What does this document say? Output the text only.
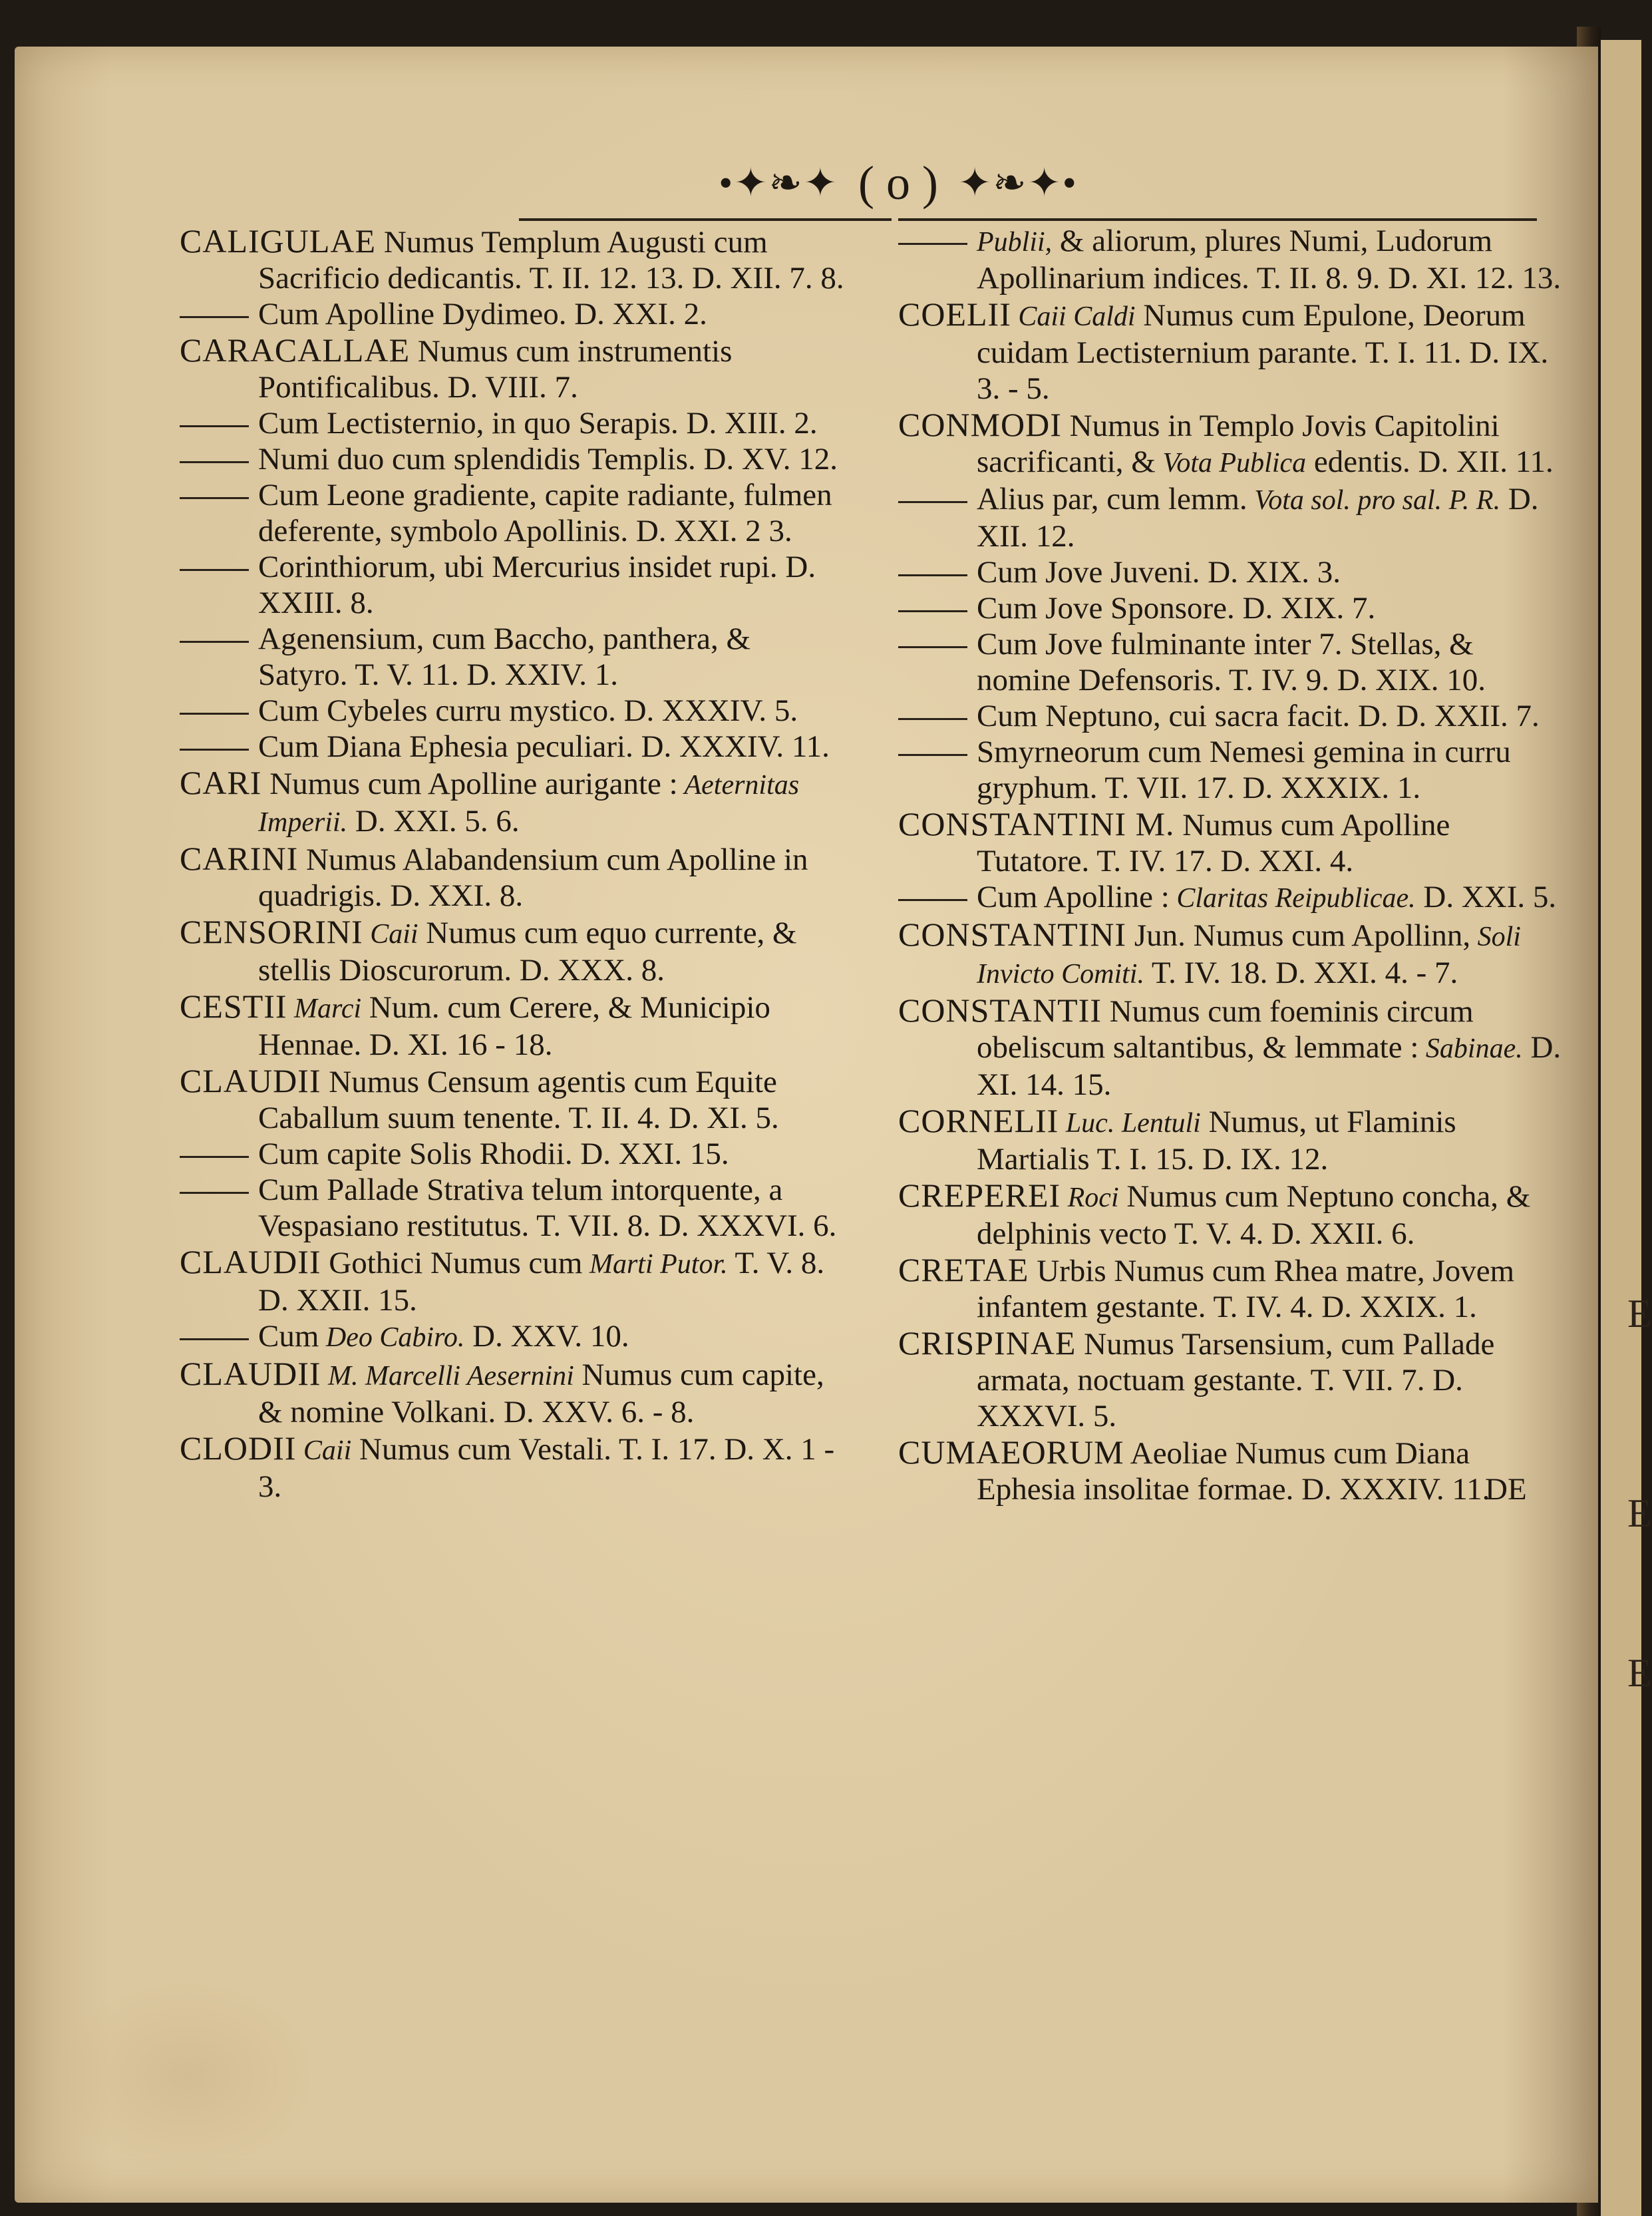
E
E
E
•✦❧✦ ( o ) ✦❧✦•

CALIGULAE Numus Templum Augusti cum Sacrificio dedicantis. T. II. 12. 13. D. XII. 7. 8.

Cum Apolline Dydimeo. D. XXI. 2.

CARACALLAE Numus cum instrumentis Pontificalibus. D. VIII. 7.

Cum Lectisternio, in quo Serapis. D. XIII. 2.

Numi duo cum splendidis Templis. D. XV. 12.

Cum Leone gradiente, capite radiante, fulmen deferente, symbolo Apollinis. D. XXI. 2 3.

Corinthiorum, ubi Mercurius insidet rupi. D. XXIII. 8.

Agenensium, cum Baccho, panthera, & Satyro. T. V. 11. D. XXIV. 1.

Cum Cybeles curru mystico. D. XXXIV. 5.

Cum Diana Ephesia peculiari. D. XXXIV. 11.

CARI Numus cum Apolline aurigante : Aeternitas Imperii. D. XXI. 5. 6.

CARINI Numus Alabandensium cum Apolline in quadrigis. D. XXI. 8.

CENSORINI Caii Numus cum equo currente, & stellis Dioscurorum. D. XXX. 8.

CESTII Marci Num. cum Cerere, & Municipio Hennae. D. XI. 16 - 18.

CLAUDII Numus Censum agentis cum Equite Caballum suum tenente. T. II. 4. D. XI. 5.

Cum capite Solis Rhodii. D. XXI. 15.

Cum Pallade Strativa telum intorquente, a Vespasiano restitutus. T. VII. 8. D. XXXVI. 6.

CLAUDII Gothici Numus cum Marti Putor. T. V. 8. D. XXII. 15.

Cum Deo Cabiro. D. XXV. 10.

CLAUDII M. Marcelli Aesernini Numus cum capite, & nomine Volkani. D. XXV. 6. - 8.

CLODII Caii Numus cum Vestali. T. I. 17. D. X. 1 - 3.

Publii, & aliorum, plures Numi, Ludorum Apollinarium indices. T. II. 8. 9. D. XI. 12. 13.

COELII Caii Caldi Numus cum Epulone, Deorum cuidam Lectisternium parante. T. I. 11. D. IX. 3. - 5.

CONMODI Numus in Templo Jovis Capitolini sacrificanti, & Vota Publica edentis. D. XII. 11.

Alius par, cum lemm. Vota sol. pro sal. P. R. D. XII. 12.

Cum Jove Juveni. D. XIX. 3.

Cum Jove Sponsore. D. XIX. 7.

Cum Jove fulminante inter 7. Stellas, & nomine Defensoris. T. IV. 9. D. XIX. 10.

Cum Neptuno, cui sacra facit. D. D. XXII. 7.

Smyrneorum cum Nemesi gemina in curru gryphum. T. VII. 17. D. XXXIX. 1.

CONSTANTINI M. Numus cum Apolline Tutatore. T. IV. 17. D. XXI. 4.

Cum Apolline : Claritas Reipublicae. D. XXI. 5.

CONSTANTINI Jun. Numus cum Apollinn, Soli Invicto Comiti. T. IV. 18. D. XXI. 4. - 7.

CONSTANTII Numus cum foeminis circum obeliscum saltantibus, & lemmate : Sabinae. D. XI. 14. 15.

CORNELII Luc. Lentuli Numus, ut Flaminis Martialis T. I. 15. D. IX. 12.

CREPEREI Roci Numus cum Neptuno concha, & delphinis vecto T. V. 4. D. XXII. 6.

CRETAE Urbis Numus cum Rhea matre, Jovem infantem gestante. T. IV. 4. D. XXIX. 1.

CRISPINAE Numus Tarsensium, cum Pallade armata, noctuam gestante. T. VII. 7. D. XXXVI. 5.

CUMAEORUM Aeoliae Numus cum Diana Ephesia insolitae formae. D. XXXIV. 11.
DE
